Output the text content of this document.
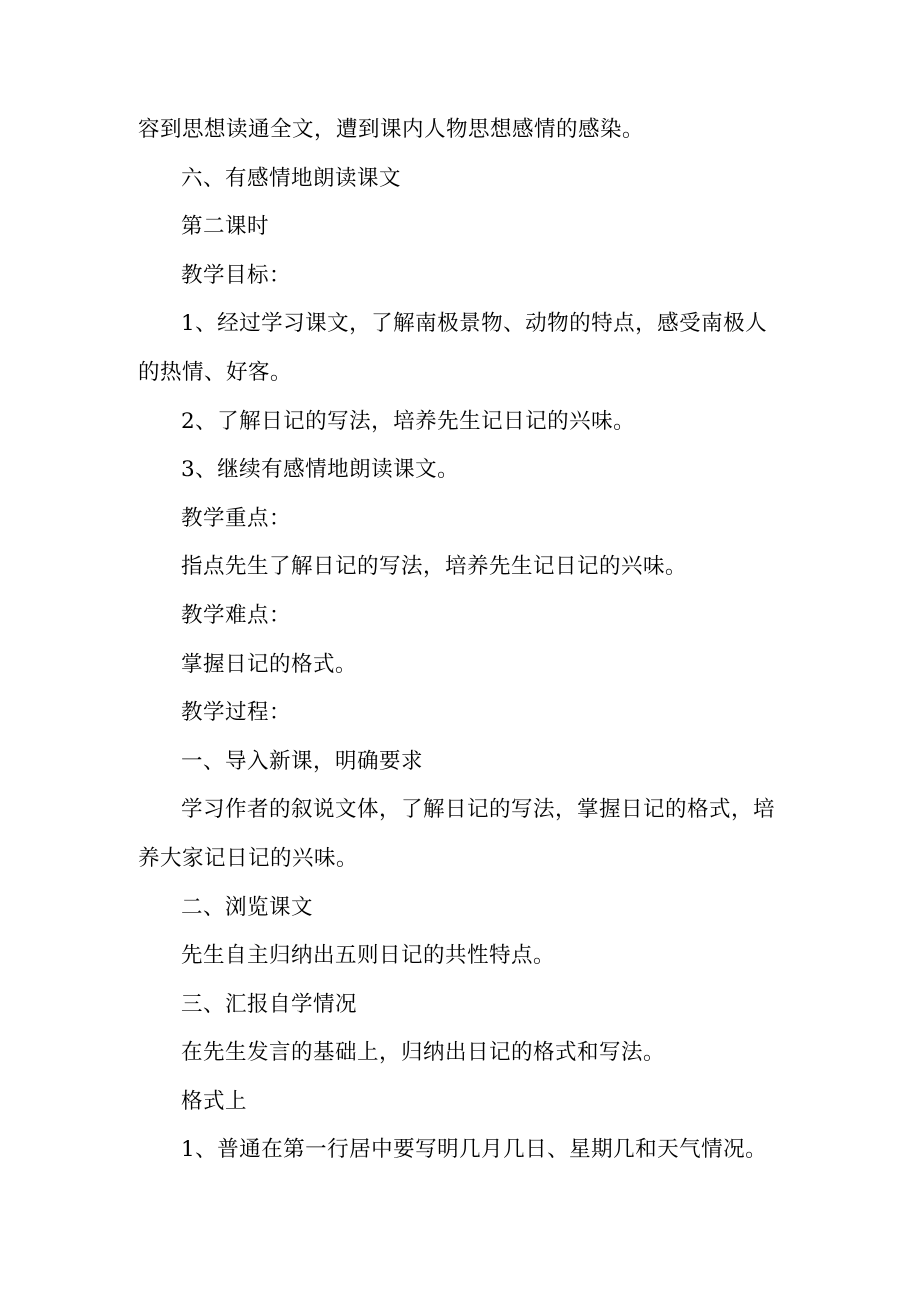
容到思想读通全文，遭到课内人物思想感情的感染。

六、有感情地朗读课文

第二课时

教学目标：

1、经过学习课文，了解南极景物、动物的特点，感受南极人的热情、好客。

2、了解日记的写法，培养先生记日记的兴味。

3、继续有感情地朗读课文。

教学重点：

指点先生了解日记的写法，培养先生记日记的兴味。

教学难点：

掌握日记的格式。

教学过程：

一、导入新课，明确要求

学习作者的叙说文体，了解日记的写法，掌握日记的格式，培养大家记日记的兴味。

二、浏览课文

先生自主归纳出五则日记的共性特点。

三、汇报自学情况

在先生发言的基础上，归纳出日记的格式和写法。

格式上

1、普通在第一行居中要写明几月几日、星期几和天气情况。
